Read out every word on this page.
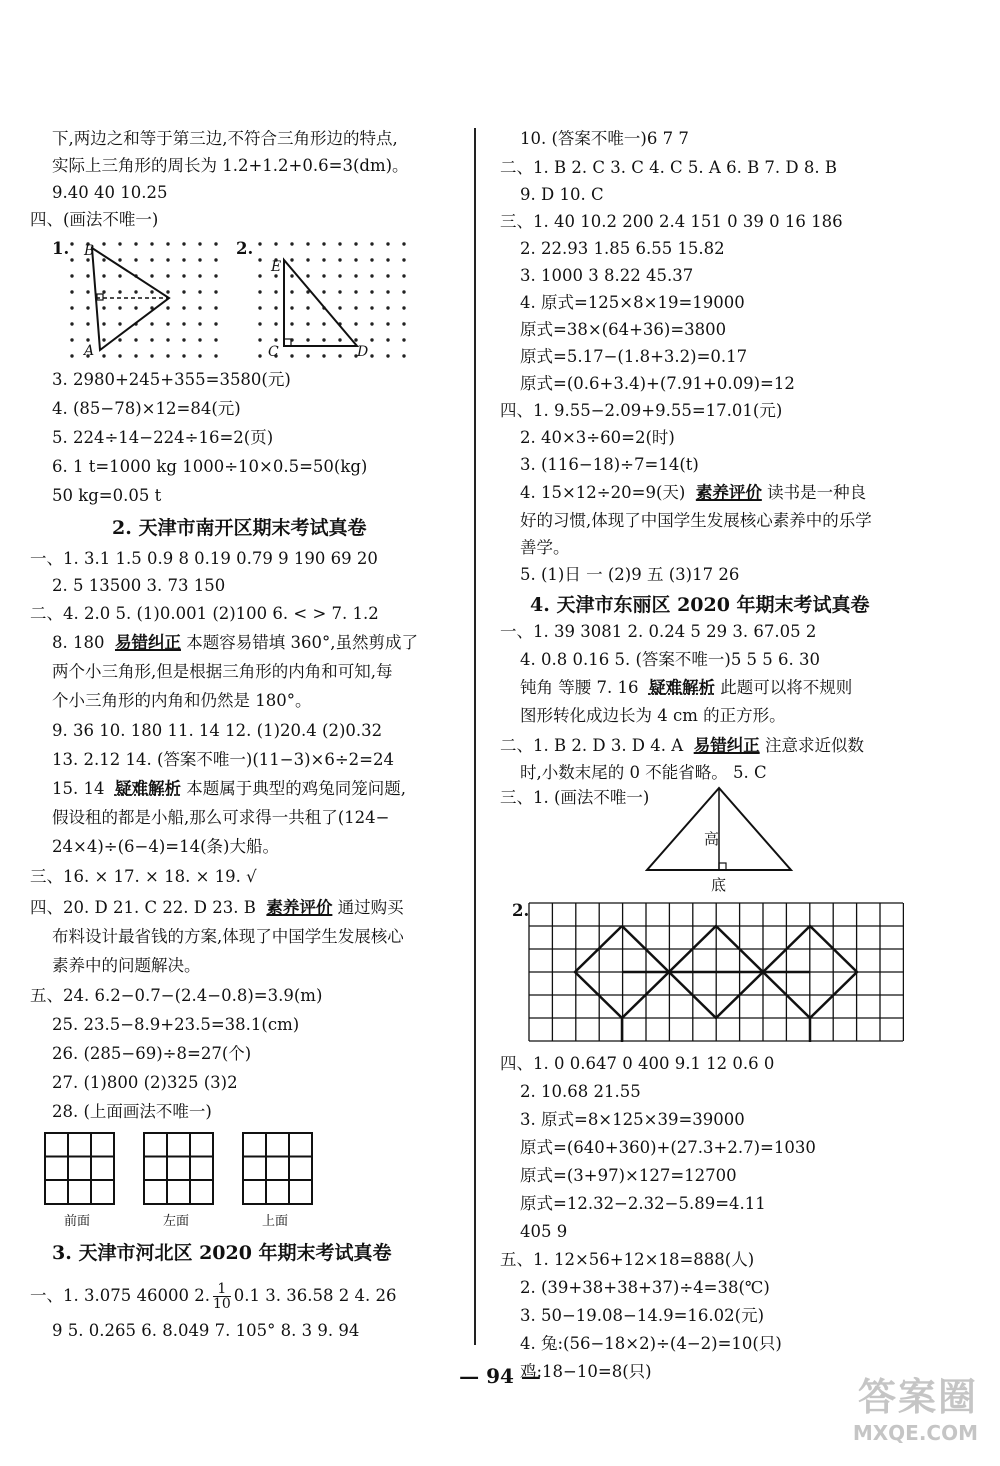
下,两边之和等于第三边,不符合三角形边的特点,
实际上三角形的周长为 1.2+1.2+0.6=3(dm)。
9.40 40 10.25
四、(画法不唯一)
1. B
A
2.
E
C	D
3. 2980+245+355=3580(元)
4. (85−78)×12=84(元)
5. 224÷14−224÷16=2(页)
6. 1 t=1000 kg 1000÷10×0.5=50(kg)
50 kg=0.05 t
2. 天津市南开区期末考试真卷
一、1. 3.1 1.5 0.9 8 0.19 0.79 9 190 69 20
2. 5 13500 3. 73 150
二、4. 2.0 5. (1)0.001 (2)100 6. < > 7. 1.2
8. 180 易错纠正 本题容易错填 360°,虽然剪成了
两个小三角形,但是根据三角形的内角和可知,每
个小三角形的内角和仍然是 180°。
9. 36 10. 180 11. 14 12. (1)20.4 (2)0.32
13. 2.12 14. (答案不唯一)(11−3)×6÷2=24
15. 14 疑难解析 本题属于典型的鸡兔同笼问题,
假设租的都是小船,那么可求得一共租了(124−
24×4)÷(6−4)=14(条)大船。
三、16. × 17. × 18. × 19. √
四、20. D 21. C 22. D 23. B 素养评价 通过购买
布料设计最省钱的方案,体现了中国学生发展核心
素养中的问题解决。
五、24. 6.2−0.7−(2.4−0.8)=3.9(m)
25. 23.5−8.9+23.5=38.1(cm)
26. (285−69)÷8=27(个)
27. (1)800 (2)325 (3)2
28. (上面画法不唯一)
前面	左面	上面
3. 天津市河北区 2020 年期末考试真卷
一、1. 3.075 46000 2. $\frac{1}{10} 0.1$ 3. 36.58 2 4. 26
9 5. 0.265 6. 8.049 7. 105° 8. 3 9. 94
10. (答案不唯一)6 7 7
二、1. B 2. C 3. C 4. C 5. A 6. B 7. D 8. B
9. D 10. C
三、1. 40 10.2 200 2.4 151 0 39 0 16 186
2. 22.93 1.85 6.55 15.82
3. 1000 3 8.22 45.37
4. 原式=125×8×19=19000
原式=38×(64+36)=3800
原式=5.17−(1.8+3.2)=0.17
原式=(0.6+3.4)+(7.91+0.09)=12
四、1. 9.55−2.09+9.55=17.01(元)
2. 40×3÷60=2(时)
3. (116−18)÷7=14(t)
4. 15×12÷20=9(天) 素养评价 读书是一种良
好的习惯,体现了中国学生发展核心素养中的乐学
善学。
5. (1)日 一 (2)9 五 (3)17 26
4. 天津市东丽区 2020 年期末考试真卷
一、1. 39 3081 2. 0.24 5 29 3. 67.05 2
4. 0.8 0.16 5. (答案不唯一)5 5 5 6. 30
钝角 等腰 7. 16 疑难解析 此题可以将不规则
图形转化成边长为 4 cm 的正方形。
二、1. B 2. D 3. D 4. A 易错纠正 注意求近似数
时,小数末尾的 0 不能省略。 5. C
三、1. (画法不唯一)
高
底
2.
四、1. 0 0.647 0 400 9.1 12 0.6 0
2. 10.68 21.55
3. 原式=8×125×39=39000
原式=(640+360)+(27.3+2.7)=1030
原式=(3+97)×127=12700
原式=12.32−2.32−5.89=4.11
405 9
五、1. 12×56+12×18=888(人)
2. (39+38+38+37)÷4=38(℃)
3. 50−19.08−14.9=16.02(元)
4. 兔:(56−18×2)÷(4−2)=10(只)
鸡:18−10=8(只)
— 94 —	答案圈
MXQE.COM
